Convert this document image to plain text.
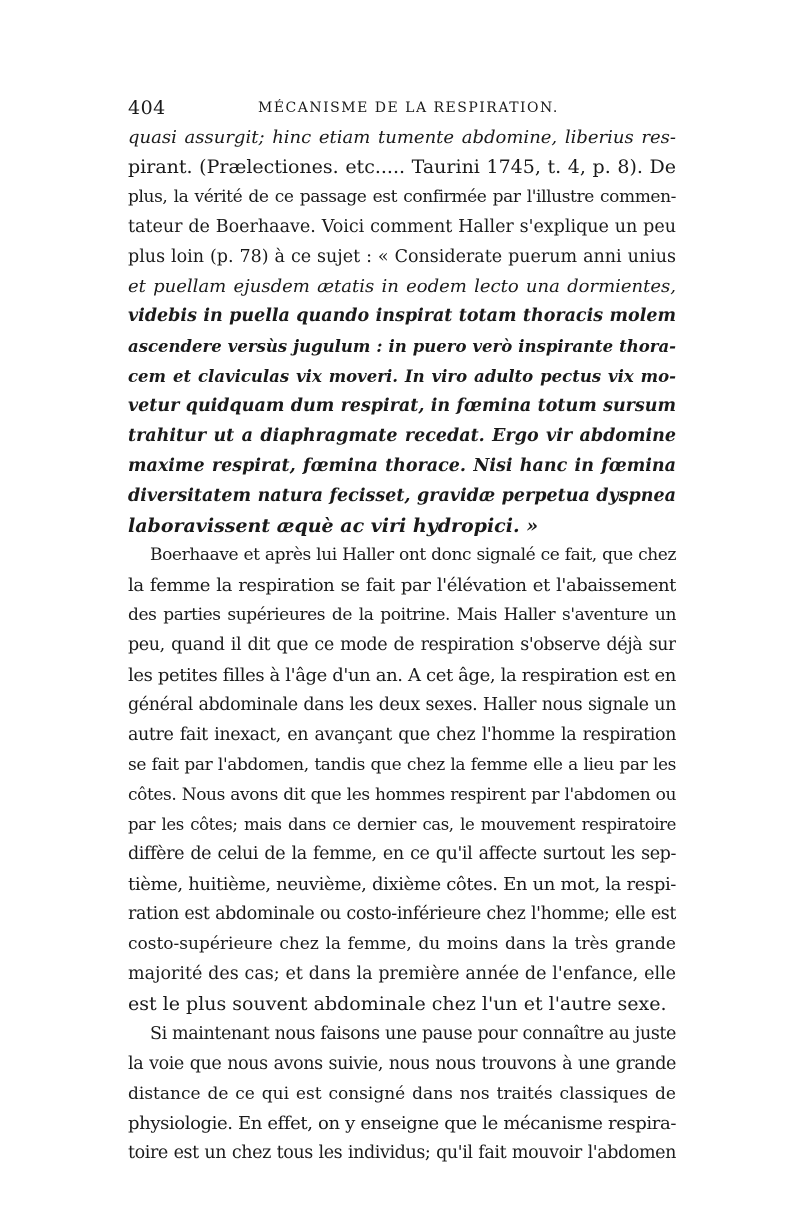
404	MÉCANISME DE LA RESPIRATION.
quasi assurgit; hinc etiam tumente abdomine, liberius res-
pirant. (Prælectiones. etc..... Taurini 1745, t. 4, p. 8). De
plus, la vérité de ce passage est confirmée par l'illustre commen-
tateur de Boerhaave. Voici comment Haller s'explique un peu
plus loin (p. 78) à ce sujet : « Considerate puerum anni unius
et puellam ejusdem ætatis in eodem lecto una dormientes,
videbis in puella quando inspirat totam thoracis molem
ascendere versùs jugulum : in puero verò inspirante thora-
cem et claviculas vix moveri. In viro adulto pectus vix mo-
vetur quidquam dum respirat, in fœmina totum sursum
trahitur ut a diaphragmate recedat. Ergo vir abdomine
maxime respirat, fœmina thorace. Nisi hanc in fœmina
diversitatem natura fecisset, gravidæ perpetua dyspnea
laboravissent æquè ac viri hydropici. »
Boerhaave et après lui Haller ont donc signalé ce fait, que chez
la femme la respiration se fait par l'élévation et l'abaissement
des parties supérieures de la poitrine. Mais Haller s'aventure un
peu, quand il dit que ce mode de respiration s'observe déjà sur
les petites filles à l'âge d'un an. A cet âge, la respiration est en
général abdominale dans les deux sexes. Haller nous signale un
autre fait inexact, en avançant que chez l'homme la respiration
se fait par l'abdomen, tandis que chez la femme elle a lieu par les
côtes. Nous avons dit que les hommes respirent par l'abdomen ou
par les côtes; mais dans ce dernier cas, le mouvement respiratoire
diffère de celui de la femme, en ce qu'il affecte surtout les sep-
tième, huitième, neuvième, dixième côtes. En un mot, la respi-
ration est abdominale ou costo-inférieure chez l'homme; elle est
costo-supérieure chez la femme, du moins dans la très grande
majorité des cas; et dans la première année de l'enfance, elle
est le plus souvent abdominale chez l'un et l'autre sexe.
Si maintenant nous faisons une pause pour connaître au juste
la voie que nous avons suivie, nous nous trouvons à une grande
distance de ce qui est consigné dans nos traités classiques de
physiologie. En effet, on y enseigne que le mécanisme respira-
toire est un chez tous les individus; qu'il fait mouvoir l'abdomen
